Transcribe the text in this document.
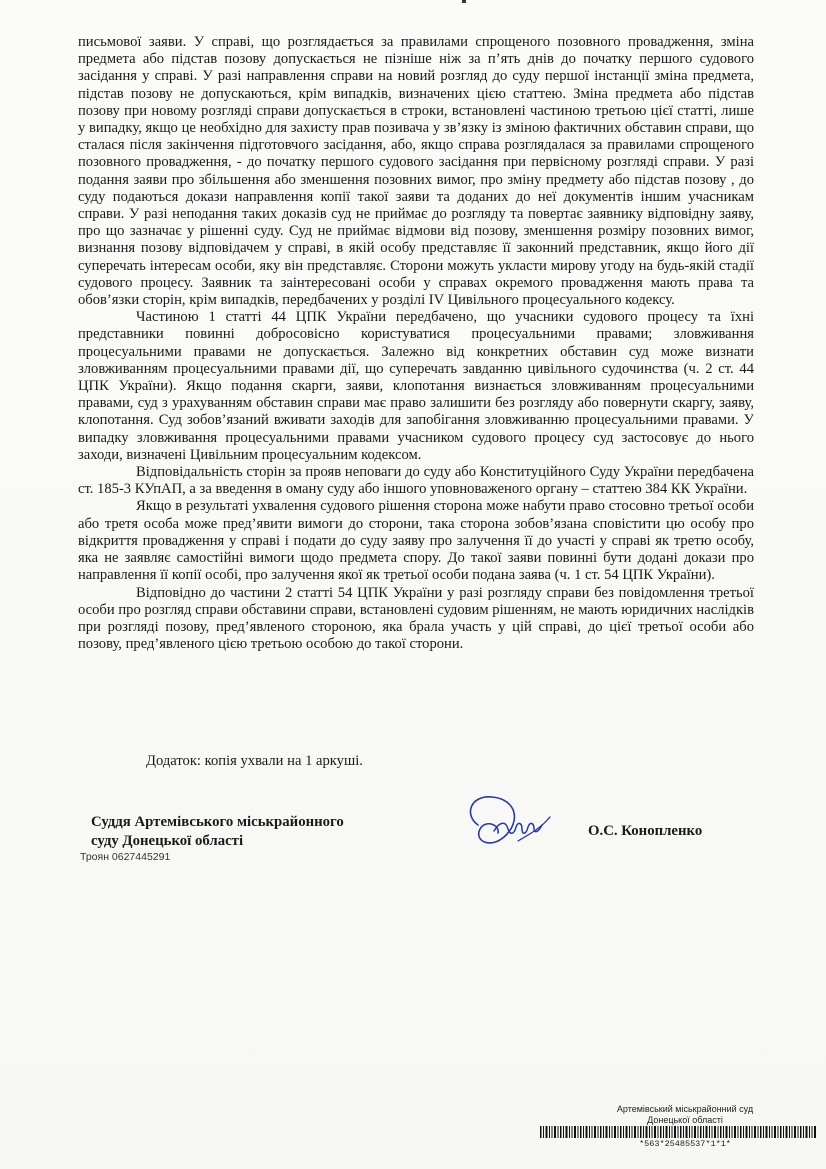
письмової заяви. У справі, що розглядається за правилами спрощеного позовного провадження, зміна предмета або підстав позову допускається не пізніше ніж за п’ять днів до початку першого судового засідання у справі. У разі направлення справи на новий розгляд до суду першої інстанції зміна предмета, підстав позову не допускаються, крім випадків, визначених цією статтею. Зміна предмета або підстав позову при новому розгляді справи допускається в строки, встановлені частиною третьою цієї статті, лише у випадку, якщо це необхідно для захисту прав позивача у зв’язку із зміною фактичних обставин справи, що сталася після закінчення підготовчого засідання, або, якщо справа розглядалася за правилами спрощеного позовного провадження, - до початку першого судового засідання при первісному розгляді справи. У разі подання заяви про збільшення або зменшення позовних вимог, про зміну предмету або підстав позову , до суду подаються докази направлення копії такої заяви та доданих до неї документів іншим учасникам справи. У разі неподання таких доказів суд не приймає до розгляду та повертає заявнику відповідну заяву, про що зазначає у рішенні суду. Суд не приймає відмови від позову, зменшення розміру позовних вимог, визнання позову відповідачем у справі, в якій особу представляє її законний представник, якщо його дії суперечать інтересам особи, яку він представляє. Сторони можуть укласти мирову угоду на будь-якій стадії судового процесу. Заявник та заінтересовані особи у справах окремого провадження мають права та обов’язки сторін, крім випадків, передбачених у розділі IV Цивільного процесуального кодексу.

Частиною 1 статті 44 ЦПК України передбачено, що учасники судового процесу та їхні представники повинні добросовісно користуватися процесуальними правами; зловживання процесуальними правами не допускається. Залежно від конкретних обставин суд може визнати зловживанням процесуальними правами дії, що суперечать завданню цивільного судочинства (ч. 2 ст. 44 ЦПК України). Якщо подання скарги, заяви, клопотання визнається зловживанням процесуальними правами, суд з урахуванням обставин справи має право залишити без розгляду або повернути скаргу, заяву, клопотання. Суд зобов’язаний вживати заходів для запобігання зловживанню процесуальними правами. У випадку зловживання процесуальними правами учасником судового процесу суд застосовує до нього заходи, визначені Цивільним процесуальним кодексом.

Відповідальність сторін за прояв неповаги до суду або Конституційного Суду України передбачена ст. 185-3 КУпАП, а за введення в оману суду або іншого уповноваженого органу – статтею 384 КК України.

Якщо в результаті ухвалення судового рішення сторона може набути право стосовно третьої особи або третя особа може пред’явити вимоги до сторони, така сторона зобов’язана сповістити цю особу про відкриття провадження у справі і подати до суду заяву про залучення її до участі у справі як третю особу, яка не заявляє самостійні вимоги щодо предмета спору. До такої заяви повинні бути додані докази про направлення її копії особі, про залучення якої як третьої особи подана заява (ч. 1 ст. 54 ЦПК України).

Відповідно до частини 2 статті 54 ЦПК України у разі розгляду справи без повідомлення третьої особи про розгляд справи обставини справи, встановлені судовим рішенням, не мають юридичних наслідків при розгляді позову, пред’явленого стороною, яка брала участь у цій справі, до цієї третьої особи або позову, пред’явленого цією третьою особою до такої сторони.

Додаток: копія ухвали на 1 аркуші.
Суддя Артемівського міськрайонного
суду Донецької області
Троян 0627445291
О.С. Конопленко
Артемівський міськрайонний суд
Донецької області
*563*25485537*1*1*
